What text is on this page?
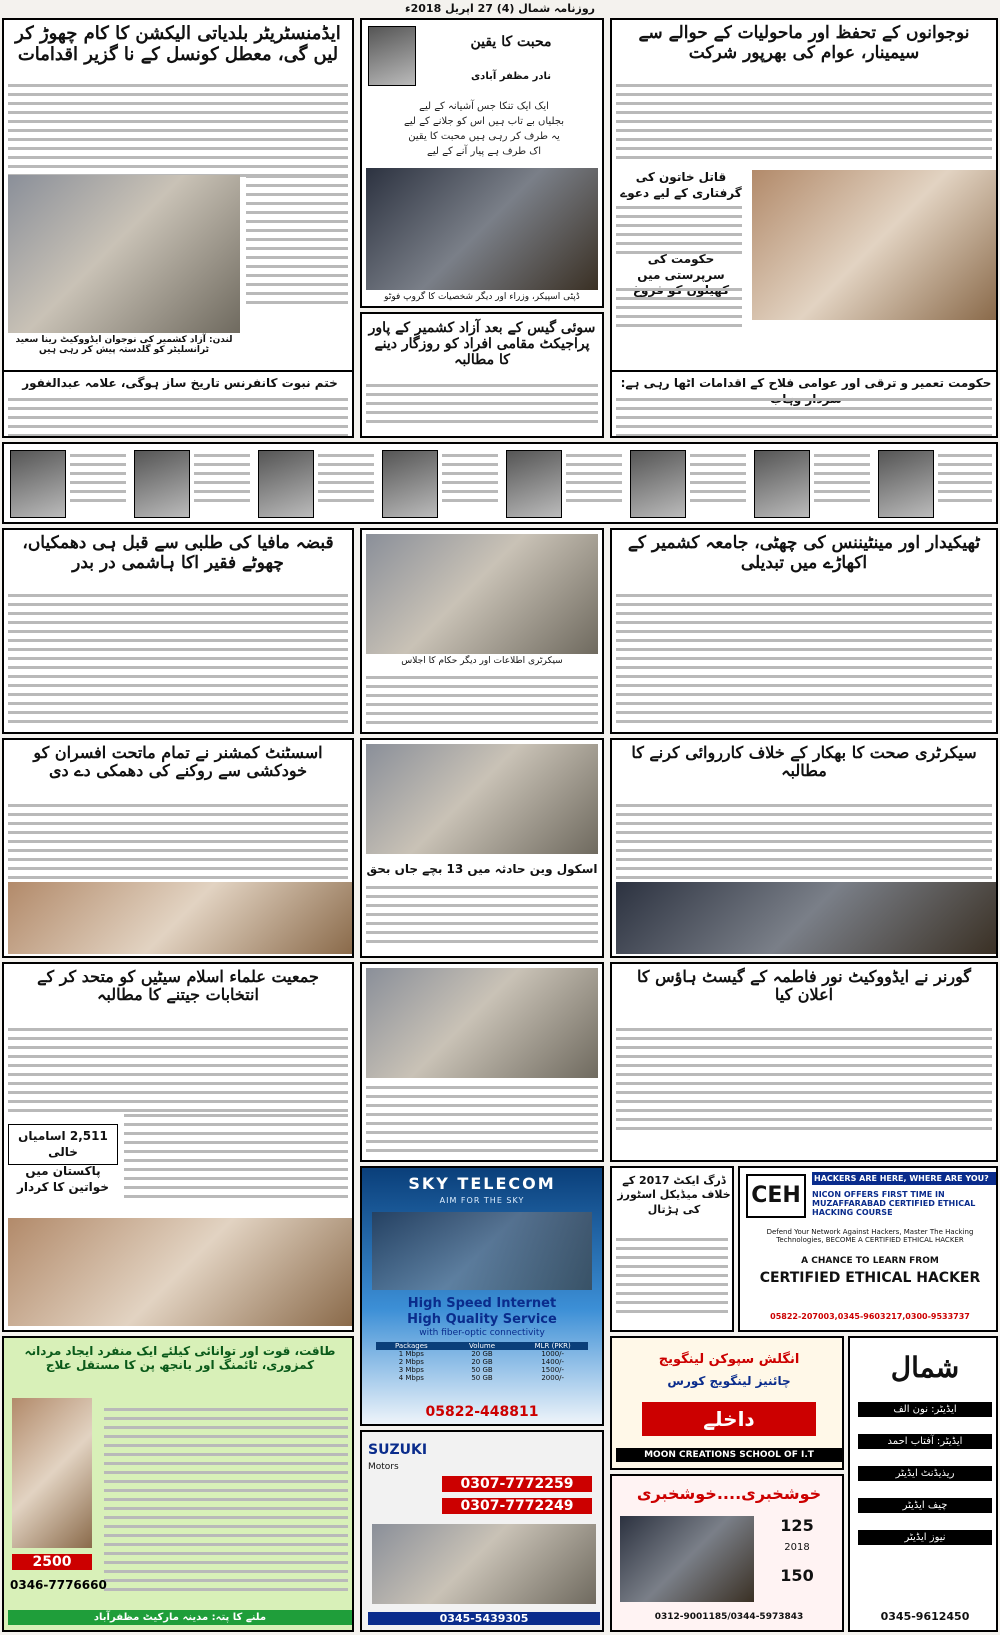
روزنامہ شمال (4) 27 اپریل 2018ء
ایڈمنسٹریٹر بلدیاتی الیکشن کا کام چھوڑ کر لیں گی، معطل کونسل کے نا گزیر اقدامات
لندن: آزاد کشمیر کی نوجوان ایڈووکیٹ رینا سعید ٹرانسلیٹر کو گلدستہ پیش کر رہی ہیں
ختم نبوت کانفرنس تاریخ ساز ہوگی، علامہ عبدالغفور
محبت کا یقین
نادر مظفر آبادی
ایک ایک تنکا جس آشیانہ کے لیے
بجلیاں بے تاب ہیں اس کو جلانے کے لیے
یہ طرف کر رہی ہیں محبت کا یقین
اک طرف ہے پیار آنے کے لیے
ڈپٹی اسپیکر، وزراء اور دیگر شخصیات کا گروپ فوٹو
نوجوانوں کے تحفظ اور ماحولیات کے حوالے سے سیمینار، عوام کی بھرپور شرکت
قاتل خاتون کی گرفتاری کے لیے دعوے
حکومت کی سرپرستی میں
حکومت تعمیر و ترقی اور عوامی فلاح کے اقدامات اٹھا رہی ہے:
سوئی گیس کے بعد آزاد کشمیر کے پاور پراجیکٹ مقامی افراد کو روزگار دینے کا مطالبہ
قبضہ مافیا کی طلبی سے قبل ہی دھمکیاں، چھوٹے فقیر اکا ہاشمی در بدر
سیکرٹری اطلاعات اور دیگر حکام کا اجلاس
ٹھیکیدار اور مینٹیننس کی چھٹی، جامعہ کشمیر کے اکھاڑے میں تبدیلی
اسسٹنٹ کمشنر نے تمام ماتحت افسران کو خودکشی سے روکنے کی دھمکی دے دی
اسکول وین حادثہ میں 13 بچے جاں بحق
سیکرٹری صحت کا بھکار کے خلاف کارروائی کرنے کا مطالبہ
جمعیت علماء اسلام سیٹیں کو متحد کر کے انتخابات جیتنے کا مطالبہ
2,511 اسامیاں خالی
پاکستان میں خواتین کا کردار
گورنر نے ایڈووکیٹ نور فاطمہ کے گیسٹ ہاؤس کا اعلان کیا
ڈرگ ایکٹ 2017 کے خلاف میڈیکل اسٹورز کی ہڑتال
SKY TELECOM
AIM FOR THE SKY
High Speed Internet
High Quality Service
with fiber-optic connectivity
Packages	Volume	MLR (PKR)
1 Mbps	20 GB	1000/-
2 Mbps	20 GB	1400/-
3 Mbps	50 GB	1500/-
4 Mbps	50 GB	2000/-
05822-448811
CEH
HACKERS ARE HERE, WHERE ARE YOU?
NICON OFFERS FIRST TIME IN MUZAFFARABAD CERTIFIED ETHICAL HACKING COURSE
Defend Your Network Against Hackers, Master The Hacking Technologies, BECOME A CERTIFIED ETHICAL HACKER
A CHANCE TO LEARN FROM
CERTIFIED ETHICAL HACKER
05822-207003,0345-9603217,0300-9533737
انگلش سپوکن لینگویج
چائنیز لینگویج کورس
داخلے
MOON CREATIONS SCHOOL OF I.T
شمال
ایڈیٹر: نون الف
ایڈیٹر: آفتاب احمد
ریذیڈنٹ ایڈیٹر
چیف ایڈیٹر
نیوز ایڈیٹر
0345-9612450
طاقت، قوت اور توانائی کیلئے ایک منفرد ایجاد مردانہ کمزوری، ٹائمنگ اور بانجھ پن کا مستقل علاج
2500
0346-7776660
ملنے کا پتہ: مدینہ مارکیٹ مظفرآباد
SUZUKI
Motors
0307-7772259
0307-7772249
0345-5439305
خوشخبری....خوشخبری
125
150
2018
0312-9001185/0344-5973843
